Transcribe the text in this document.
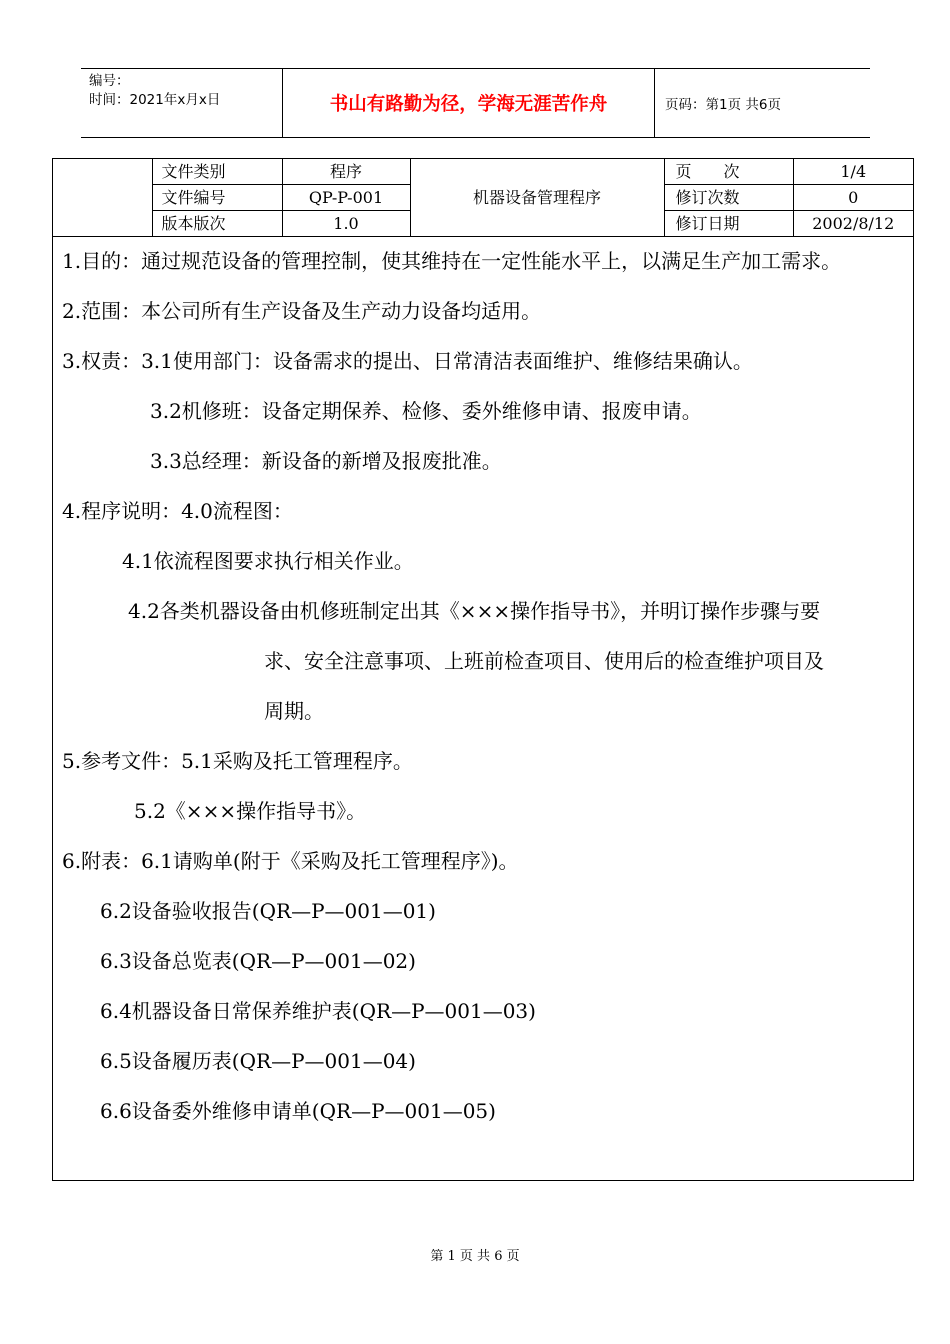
编号：
时间：2021年x月x日	书山有路勤为径，学海无涯苦作舟	页码：第1页 共6页
	文件类别	程序	机器设备管理程序	页　　次	1/4
	文件编号	QP-P-001		修订次数	0
	版本版次	1.0		修订日期	2002/8/12

1.目的：通过规范设备的管理控制，使其维持在一定性能水平上，以满足生产加工需求。

2.范围：本公司所有生产设备及生产动力设备均适用。

3.权责：3.1使用部门：设备需求的提出、日常清洁表面维护、维修结果确认。

3.2机修班：设备定期保养、检修、委外维修申请、报废申请。

3.3总经理：新设备的新增及报废批准。

4.程序说明：4.0流程图：

4.1依流程图要求执行相关作业。

4.2各类机器设备由机修班制定出其《×××操作指导书》，并明订操作步骤与要

求、安全注意事项、上班前检查项目、使用后的检查维护项目及

周期。

5.参考文件：5.1采购及托工管理程序。

5.2《×××操作指导书》。

6.附表：6.1请购单(附于《采购及托工管理程序》)。

6.2设备验收报告(QR—P—001—01)

6.3设备总览表(QR—P—001—02)

6.4机器设备日常保养维护表(QR—P—001—03)

6.5设备履历表(QR—P—001—04)

6.6设备委外维修申请单(QR—P—001—05)

第 1 页 共 6 页
